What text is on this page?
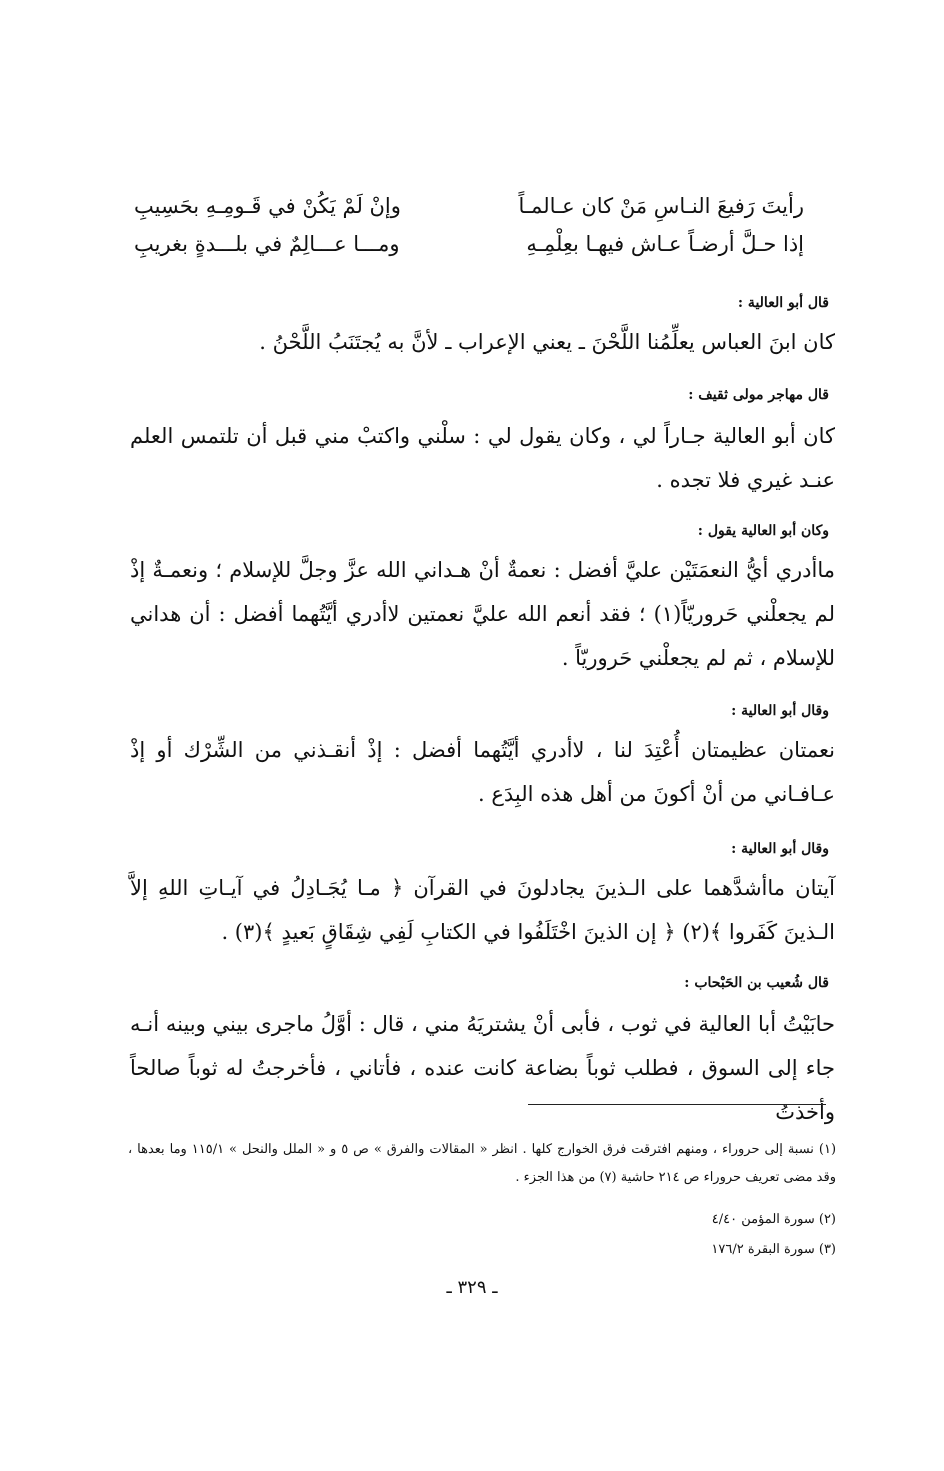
رأيتَ رَفيعَ النـاسِ مَنْ كان عـالمـاً
وإنْ لَمْ يَكُنْ في قَـومِـهِ بحَسِيبِ
إذا حـلَّ أرضـاً عـاش فيهـا بعِلْمِـهِ
ومـــا عـــالِمٌ في بلـــدةٍ بغريبِ
قال أبو العالية :
كان ابنَ العباس يعلِّمُنا اللَّحْنَ ـ يعني الإعراب ـ لأنَّ به يُجتَنَبُ اللَّحْنُ .
قال مهاجر مولى ثقيف :
كان أبو العالية جـاراً لي ، وكان يقول لي : سلْني واكتبْ مني قبل أن تلتمس العلم عنـد غيري فلا تجده .
وكان أبو العالية يقول :
ماأدري أيُّ النعمَتَيْن عليَّ أفضل : نعمةٌ أنْ هـداني الله عزَّ وجلَّ للإسلام ؛ ونعمـةٌ إذْ لم يجعلْني حَروريّاً(١) ؛ فقد أنعم الله عليَّ نعمتين لاأدري أيَّتُهما أفضل : أن هداني للإسلام ، ثم لم يجعلْني حَروريّاً .
وقال أبو العالية :
نعمتان عظيمتان أُعْتِدَ لنا ، لاأدري أيَّتُهما أفضل : إذْ أنقـذني من الشِّرْك أو إذْ عـافـاني من أنْ أكونَ من أهل هذه البِدَع .
وقال أبو العالية :
آيتان ماأشدَّهما على الـذينَ يجادلونَ في القرآن ﴿ مـا يُجَـادِلُ في آيـاتِ اللهِ إلاَّ الـذينَ كَفَروا ﴾(٢) ﴿ إن الذينَ اخْتَلَفُوا في الكتابِ لَفِي شِقَاقٍ بَعيدٍ ﴾(٣) .
قال شُعيب بن الحَبْحاب :
حابَيْتُ أبا العالية في ثوب ، فأبى أنْ يشتريَهُ مني ، قال : أوَّلُ ماجرى بيني وبينه أنـه جاء إلى السوق ، فطلب ثوباً بضاعة كانت عنده ، فأتاني ، فأخرجتُ له ثوباً صالحاً وأخذتُ
(١) نسبة إلى حروراء ، ومنهم افترقت فرق الخوارج كلها . انظر « المقالات والفرق » ص ٥ و « الملل والنحل » ١١٥/١ وما بعدها ، وقد مضى تعريف حروراء ص ٢١٤ حاشية (٧) من هذا الجزء .
(٢) سورة المؤمن ٤/٤٠
(٣) سورة البقرة ١٧٦/٢
ـ ٣٢٩ ـ
